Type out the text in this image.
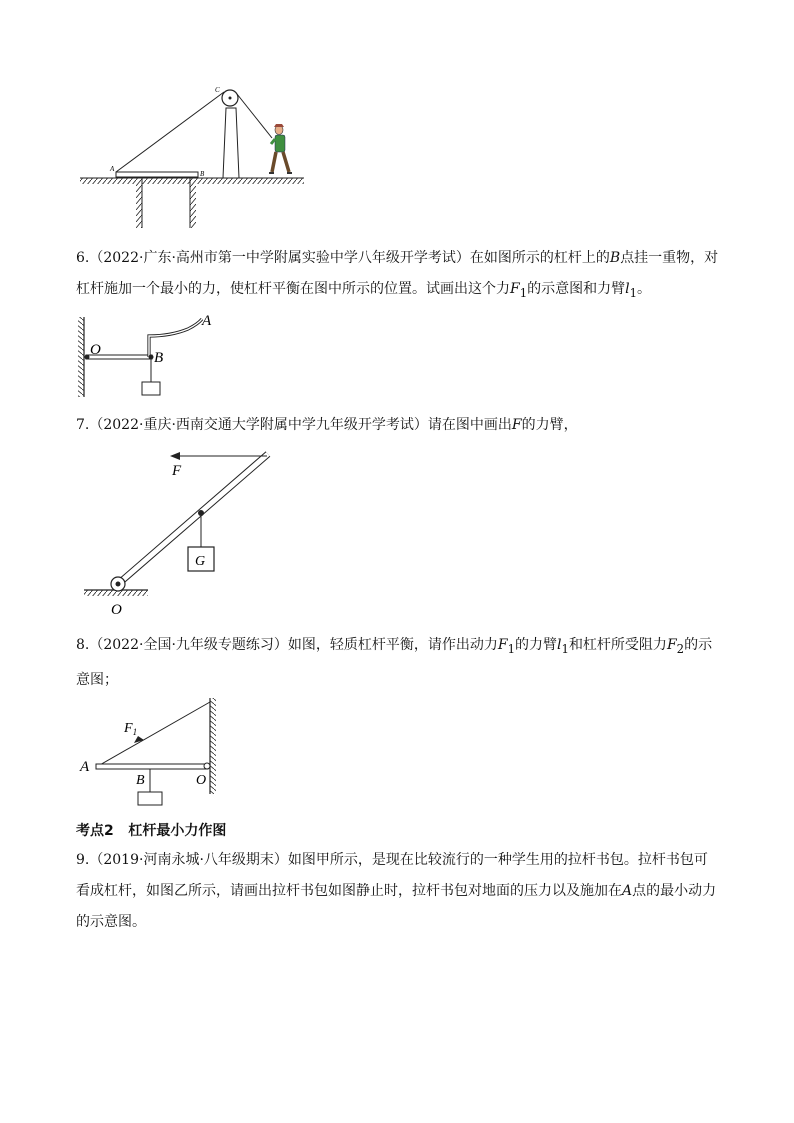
A
B
C

6.（2022·广东·高州市第一中学附属实验中学八年级开学考试）在如图所示的杠杆上的B点挂一重物，对杠杆施加一个最小的力，使杠杆平衡在图中所示的位置。试画出这个力$F_1$的示意图和力臂$l_1$。

O	B
A

7.（2022·重庆·西南交通大学附属中学九年级开学考试）请在图中画出F的力臂，

F
G
O

8.（2022·全国·九年级专题练习）如图，轻质杠杆平衡，请作出动力$F_1$的力臂$l_1$和杠杆所受阻力$F_2$的示意图；

$F_1$
A
B	O
考点2 杠杆最小力作图

9.（2019·河南永城·八年级期末）如图甲所示，是现在比较流行的一种学生用的拉杆书包。拉杆书包可看成杠杆，如图乙所示，请画出拉杆书包如图静止时，拉杆书包对地面的压力以及施加在A点的最小动力的示意图。
